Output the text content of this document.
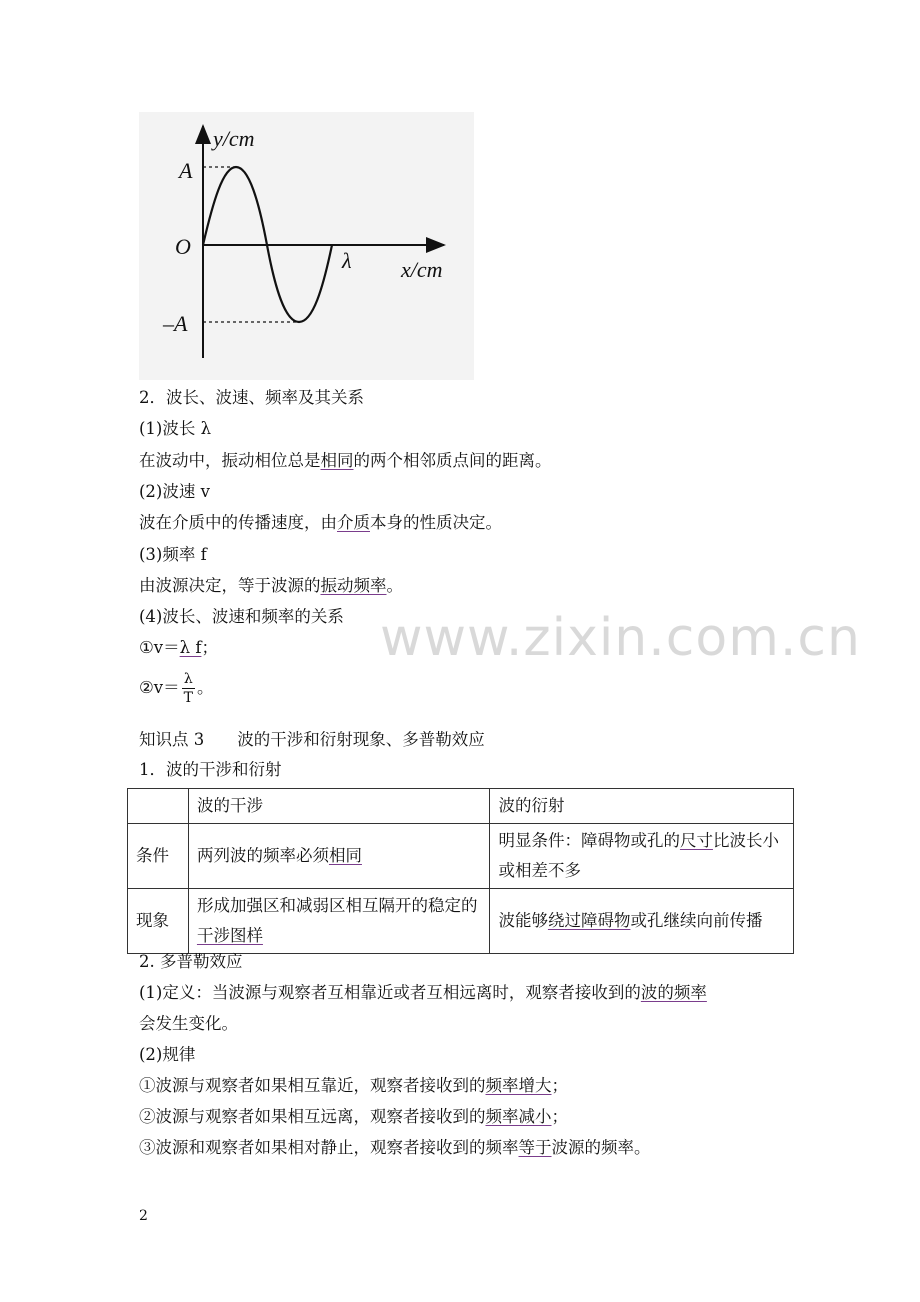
y/cm
x/cm
O
A
–A
λ
2．波长、波速、频率及其关系
(1)波长 λ
在波动中，振动相位总是相同的两个相邻质点间的距离。
(2)波速 v
波在介质中的传播速度，由介质本身的性质决定。
(3)频率 f
由波源决定，等于波源的振动频率。
(4)波长、波速和频率的关系
①v＝λ f；
②v＝ $\frac{\lambda}{T}$ 。
知识点 3　　波的干涉和衍射现象、多普勒效应
1．波的干涉和衍射
	波的干涉	波的衍射
条件	两列波的频率必须相同	明显条件：障碍物或孔的尺寸比波长小或相差不多
现象	形成加强区和减弱区相互隔开的稳定的干涉图样	波能够绕过障碍物或孔继续向前传播
2. 多普勒效应
(1)定义：当波源与观察者互相靠近或者互相远离时，观察者接收到的波的频率
会发生变化。
(2)规律
①波源与观察者如果相互靠近，观察者接收到的频率增大；
②波源与观察者如果相互远离，观察者接收到的频率减小；
③波源和观察者如果相对静止，观察者接收到的频率等于波源的频率。
www.zixin.com.cn
2
